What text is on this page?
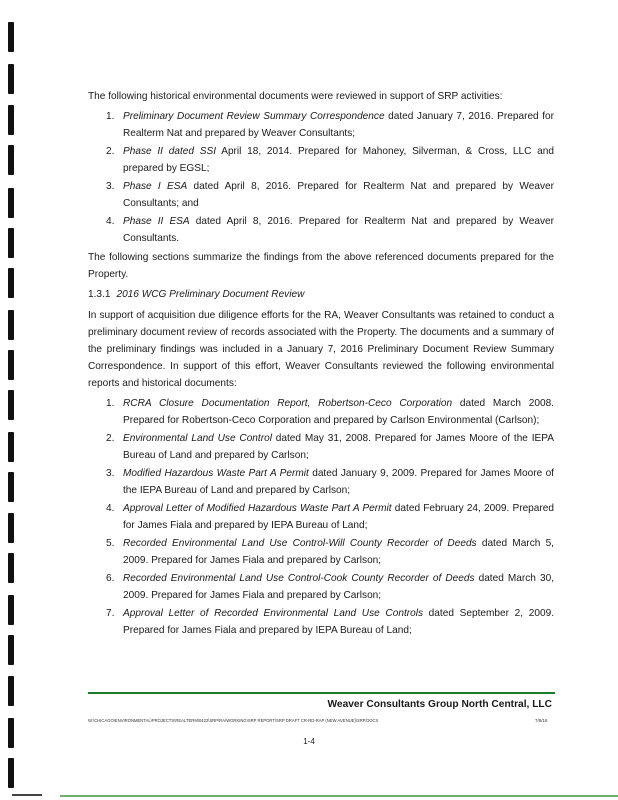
The following historical environmental documents were reviewed in support of SRP activities:

1. Preliminary Document Review Summary Correspondence dated January 7, 2016. Prepared for Realterm Nat and prepared by Weaver Consultants;
2. Phase II dated SSI April 18, 2014. Prepared for Mahoney, Silverman, & Cross, LLC and prepared by EGSL;
3. Phase I ESA dated April 8, 2016. Prepared for Realterm Nat and prepared by Weaver Consultants; and
4. Phase II ESA dated April 8, 2016. Prepared for Realterm Nat and prepared by Weaver Consultants.

The following sections summarize the findings from the above referenced documents prepared for the Property.

1.3.1 2016 WCG Preliminary Document Review

In support of acquisition due diligence efforts for the RA, Weaver Consultants was retained to conduct a preliminary document review of records associated with the Property. The documents and a summary of the preliminary findings was included in a January 7, 2016 Preliminary Document Review Summary Correspondence. In support of this effort, Weaver Consultants reviewed the following environmental reports and historical documents:

1. RCRA Closure Documentation Report, Robertson-Ceco Corporation dated March 2008. Prepared for Robertson-Ceco Corporation and prepared by Carlson Environmental (Carlson);
2. Environmental Land Use Control dated May 31, 2008. Prepared for James Moore of the IEPA Bureau of Land and prepared by Carlson;
3. Modified Hazardous Waste Part A Permit dated January 9, 2009. Prepared for James Moore of the IEPA Bureau of Land and prepared by Carlson;
4. Approval Letter of Modified Hazardous Waste Part A Permit dated February 24, 2009. Prepared for James Fiala and prepared by IEPA Bureau of Land;
5. Recorded Environmental Land Use Control-Will County Recorder of Deeds dated March 5, 2009. Prepared for James Fiala and prepared by Carlson;
6. Recorded Environmental Land Use Control-Cook County Recorder of Deeds dated March 30, 2009. Prepared for James Fiala and prepared by Carlson;
7. Approval Letter of Recorded Environmental Land Use Controls dated September 2, 2009. Prepared for James Fiala and prepared by IEPA Bureau of Land;
Weaver Consultants Group North Central, LLC
W:\CHICAGO\ENVIRONMENTAL\PROJECTS\REALTERM\0422\SRP\RA\WORKING\SRP REPORT\SRP DRAFT CR-RD-RAP (NEW AVENUE)\SRP.DOCX	7/8/16
1-4
